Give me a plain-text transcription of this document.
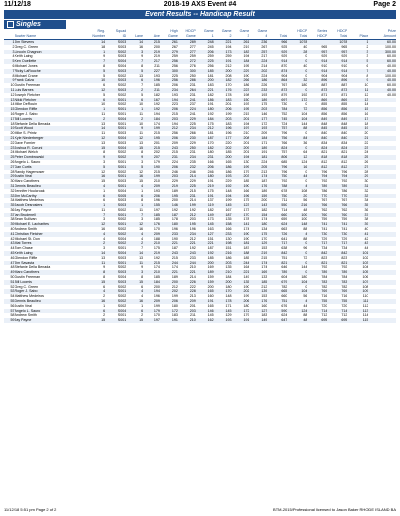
11/12/18	2018-19 AXS Event #4	Page 2
Event Results -- Handicap Result
Singles
		Reg.	Squad			High	HDCP	Game	Game	Game	Game		HDCP	Series	HDCP		Prize
	Bowler Name	Number	ID	Lane	Ave	Game	Game	1	2	3	4	Total	Total	HDCP	Total	Place	Amount
1	Jim Stevens	14	S003	14	215	261	289	248	221	261	236	966	1078		1078	1	60.00
2	Greg C. Green	18	S003	16	200	267	277	245	194	219	267	925	40	965	965	2	100.00
3	Lincoln Chagnon	1	S002	3	219	279	277	206	173	183	257	929	28	957	957	3	300.00
4	Keith Laing	9	S003	9	219	259	259	259	259	194	217	929	0	929	929	3	60.00
5	Ken Ouellette	7	S004	7	217	256	272	225	191	184	224	914	0	914	914	5	60.00
6	Michael Jones	8	S004	8	211	256	276	256	212	195	214	870	40	910	910	6	40.00
7	Ricky LaRouche	5	S003	5	227	300	300	185	200	229	202	874	0	914	914	7	40.00
8	Michael Crane	5	S002	13	193	225	250	181	208	190	224	904	0	904	904	8	100.00
9	Frank Calza	10	S003	6	196	256	286	200	182	266	186	864	32	896	896	9	40.00
10	Dustin Freeman	6	S002	7	185	206	231	183	170	186	226	767	180	887	887	10	60.00
11	Luis Barnes	12	S003	2	211	234	264	221	176	223	233	873	0	873	873	11	40.00
12	Joseph Fletcher	5	S002	5	182	193	231	182	178	198	193	879	192	871	871	12	40.00
13	Nikki Fletcher	6	S001	6	167	194	241	186	183	150	189	697	172	869	869	13	
14	Mike DeRouin	10	S002	10	192	223	237	191	201	193	175	730	0	855	855	14	
15	Glendon Riffle	1	S001	1	192	206	224	180	206	195	203	784	72	856	856	15	
16	Roger J. Sabo	11	S001	11	194	215	241	192	199	215	146	752	104	856	856	16	
17	Bill Loomis	2	S004	2	184	203	229	184	203	201	177	745	104	849	849	17	
18	Stefanie Della Benada	13	S001	10	174	194	225	175	183	194	172	724	144	848	848	18	
19	Scott Wood	14	S001	9	199	212	234	212	196	197	193	757	88	845	845	19	
20	Mike S. Printz	11	S003	11	215	256	266	181	196	210	209	796	0	840	840	20	
21	Kyle Niederberger	12	S004	12	195	206	230	187	177	208	184	756	84	840	840	21	
22	Dave Fornier	13	S003	13	201	209	229	170	220	201	171	766	36	834	834	22	
23	Joshua R. Coruni	15	S004	15	215	243	250	182	202	209	189	824	0	824	824	23	
24	Michael Welch	8	S002	8	202	215	231	180	185	201	191	757	64	821	821	24	
25	Peter Dombrowski	9	S002	9	207	231	234	231	200	194	181	806	12	818	818	25	
26	Angelo L. Sauro	3	S001	3	179	224	235	166	165	130	224	685	124	812	812	26	
27	Dan Curtis	5	S001	5	190	206	232	206	186	199	205	796	16	812	812	27	
28	Randy Hagemoser	12	S002	12	215	246	246	246	186	179	213	796	0	796	796	28	
29	Justin Veal	16	S001	16	199	203	214	180	193	203	174	750	44	794	794	29	
30	Marc Carothers	15	S003	15	210	229	229	191	229	185	187	792	0	792	792	30	
31	Dennis Beaulieu	4	S001	4	209	219	225	219	192	190	176	788	4	789	789	31	
32	Jennifer Houlcroak	1	S004	1	193	189	215	175	148	166	189	678	108	786	786	32	
33	Jim McCarthy	6	S005	6	206	195	231	191	194	196	159	750	20	770	770	33	
34	Matthew Medeiros	6	S003	8	196	200	214	137	199	175	200	711	56	767	767	34	
35	Jacob Desrosiers	1	S003	1	155	146	199	119	145	123	143	550	216	766	766	35	
36	Jay Payne	11	S002	11	197	192	192	182	167	173	182	714	48	762	762	36	
37	Ian Brudenell	7	S001	7	185	187	212	149	187	170	154	660	100	760	760	37	
38	Sean Sullivan	3	S002	3	185	178	203	173	135	178	174	659	100	759	759	38	
39	Michael E. Lacharites	12	S001	12	176	180	195	145	158	141	180	624	148	741	741	39	
40	Andrew Smith	16	S002	16	170	196	196	163	166	174	134	663	88	741	741	40	
41	Christian Fletcher	4	S002	4	209	233	234	127	233	190	175	726	4	730	730	41	
42	Michael St. Don	4	S004	4	188	190	212	151	130	190	170	641	88	729	729	42	
43	Mat Torres	2	S002	2	210	221	221	221	198	181	129	717	0	717	717	43	
44	Tom Chase	3	S001	7	175	187	192	187	151	187	153	638	96	734	734	44	
45	Keith Laing	14	S004	14	219	243	243	192	216	188	219	842	0	842	842	101	
46	Glendon Riffle	13	S003	13	192	215	233	185	186	185	215	751	72	823	823	102	
47	Jim Savasta	11	S001	11	215	244	244	200	203	244	174	821	0	821	821	103	
48	Stefanie Della Benada	9	S002	9	174	174	210	169	135	164	174	646	144	792	792	104	
49	Marc Carothers	8	S003	3	210	221	221	189	210	221	169	789	0	789	789	105	
50	Dustin Freeman	8	S004	8	185	189	214	159	184	149	133	604	180	784	784	106	
51	Bill Loomis	15	S003	15	184	200	226	159	200	135	185	679	104	783	783	107	
52	Greg C. Green	6	S002	6	200	212	222	200	180	190	212	782	0	782	782	108	
53	Roger J. Sabo	4	S001	4	194	202	228	165	170	202	139	665	104	769	769	109	
54	Matthew Medeiros	2	S002	4	196	199	213	160	148	199	153	660	56	716	716	110	
55	Dennis Beaulieu	16	S002	16	209	206	209	191	178	206	176	751	4	755	755	111	
56	Justin Veal	1	S002	1	199	180	201	165	171	180	160	676	44	720	720	112	
57	Angelo L. Sauro	6	S004	6	179	172	203	146	145	172	127	590	124	714	714	113	
58	Andrew Smith	2	S001	2	170	183	211	145	129	179	183	624	88	712	712	114	
59	Jay Payne	15	S001	15	197	191	210	162	193	191	149	647	48	695	695	115	
11/12/18 5:51 pm Page 2 of 2	BTM-2015/Professional licensed to Jason Baker RHODE ISLAND BA
